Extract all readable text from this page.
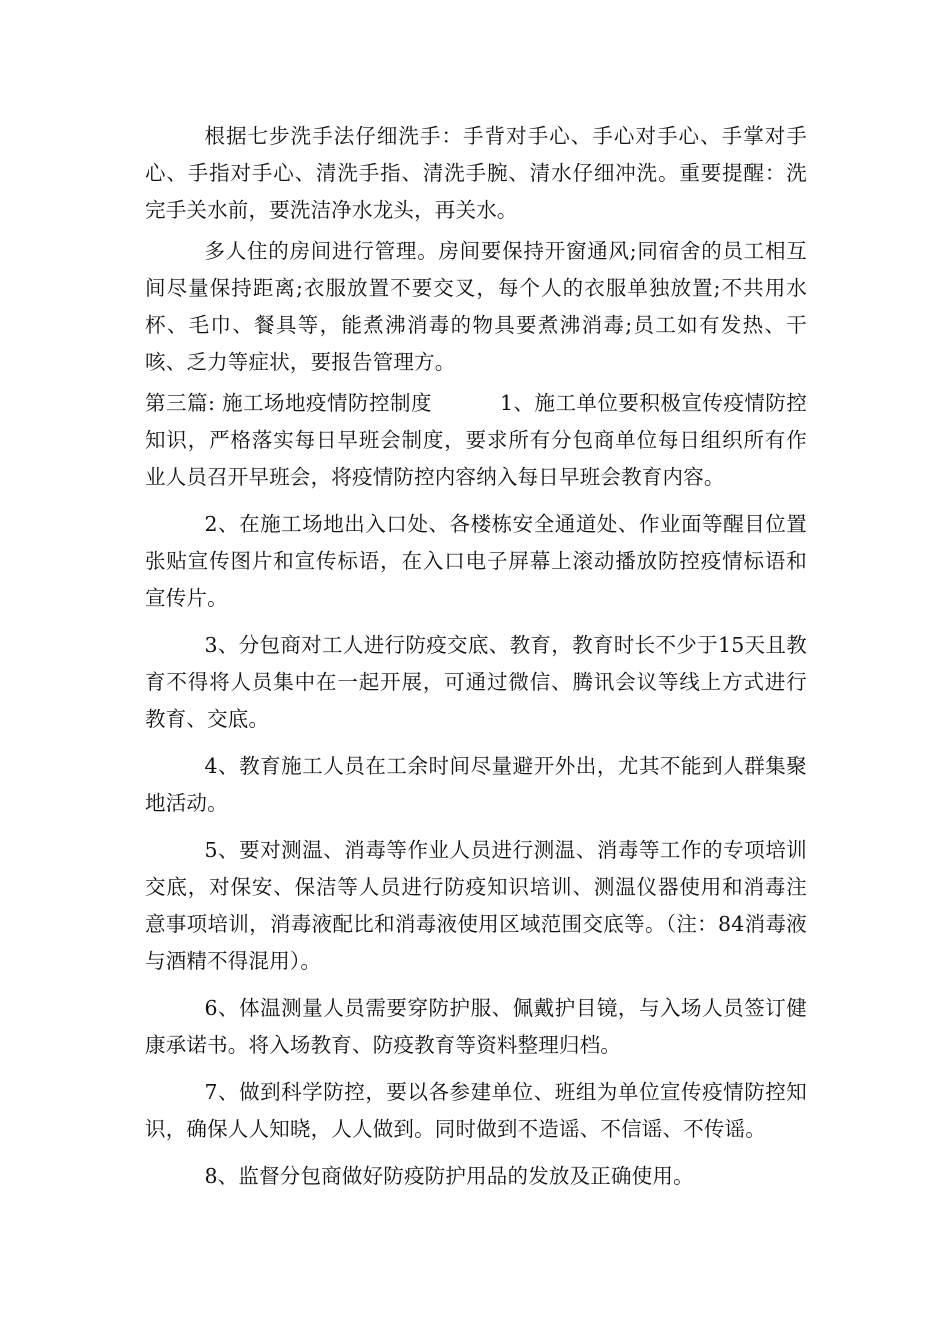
根据七步洗手法仔细洗手：手背对手心、手心对手心、手掌对手心、手指对手心、清洗手指、清洗手腕、清水仔细冲洗。重要提醒：洗完手关水前，要洗洁净水龙头，再关水。

多人住的房间进行管理。房间要保持开窗通风;同宿舍的员工相互间尽量保持距离;衣服放置不要交叉，每个人的衣服单独放置;不共用水杯、毛巾、餐具等，能煮沸消毒的物具要煮沸消毒;员工如有发热、干咳、乏力等症状，要报告管理方。

第三篇: 施工场地疫情防控制度	1、施工单位要积极宣传疫情防控知识，严格落实每日早班会制度，要求所有分包商单位每日组织所有作业人员召开早班会，将疫情防控内容纳入每日早班会教育内容。

2、在施工场地出入口处、各楼栋安全通道处、作业面等醒目位置张贴宣传图片和宣传标语，在入口电子屏幕上滚动播放防控疫情标语和宣传片。

3、分包商对工人进行防疫交底、教育，教育时长不少于15天且教育不得将人员集中在一起开展，可通过微信、腾讯会议等线上方式进行教育、交底。

4、教育施工人员在工余时间尽量避开外出，尤其不能到人群集聚地活动。

5、要对测温、消毒等作业人员进行测温、消毒等工作的专项培训交底，对保安、保洁等人员进行防疫知识培训、测温仪器使用和消毒注意事项培训，消毒液配比和消毒液使用区域范围交底等。（注：84消毒液与酒精不得混用）。

6、体温测量人员需要穿防护服、佩戴护目镜，与入场人员签订健康承诺书。将入场教育、防疫教育等资料整理归档。

7、做到科学防控，要以各参建单位、班组为单位宣传疫情防控知识，确保人人知晓，人人做到。同时做到不造谣、不信谣、不传谣。

8、监督分包商做好防疫防护用品的发放及正确使用。
